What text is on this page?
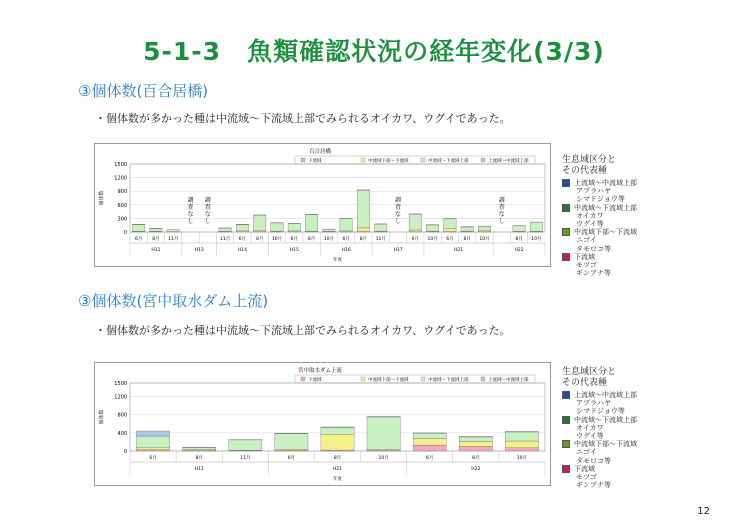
5-1-3　魚類確認状況の経年変化(3/3)
③個体数(百合居橋)
・個体数が多かった種は中流域～下流域上部でみられるオイカワ、ウグイであった。
百合居橋
下流域	中流域下部～下流域	中流域～下流域上部	上流域～中流域上部
0
300
600
900
1200
1500
個体数
6月 8月 11月	11月 6月 8月 10月 6月 8月 10月 6月 8月 11月	6月 10月 6月 8月 10月	8月 10月
H11	H13	H14	H15	H16	H17	H21	H22
年度
調
査
な
し
調
査
な
し
調
査
な
し
調
査
な
し
③個体数(宮中取水ダム上流)
・個体数が多かった種は中流域～下流域上部でみられるオイカワ、ウグイであった。
宮中取水ダム上流
下流域	中流域下部～下流域	中流域～下流域上部	上流域～中流域上部
0
400
800
1200
1500
個体数
6月	8月	11月	6月	8月	10月	6月	8月	10月
H11	H21	H22
年度
生息域区分と
その代表種
上流域～中流域上部
アブラハヤ
シマドジョウ等
中流域～下流域上部
オイカワ
ウグイ等
中流域下部～下流域
ニゴイ
タモロコ等
下流域
モツゴ
ギンブナ等
生息域区分と
その代表種
上流域～中流域上部
アブラハヤ
シマドジョウ等
中流域～下流域上部
オイカワ
ウグイ等
中流域下部～下流域
ニゴイ
タモロコ等
下流域
モツゴ
ギンブナ等
12
